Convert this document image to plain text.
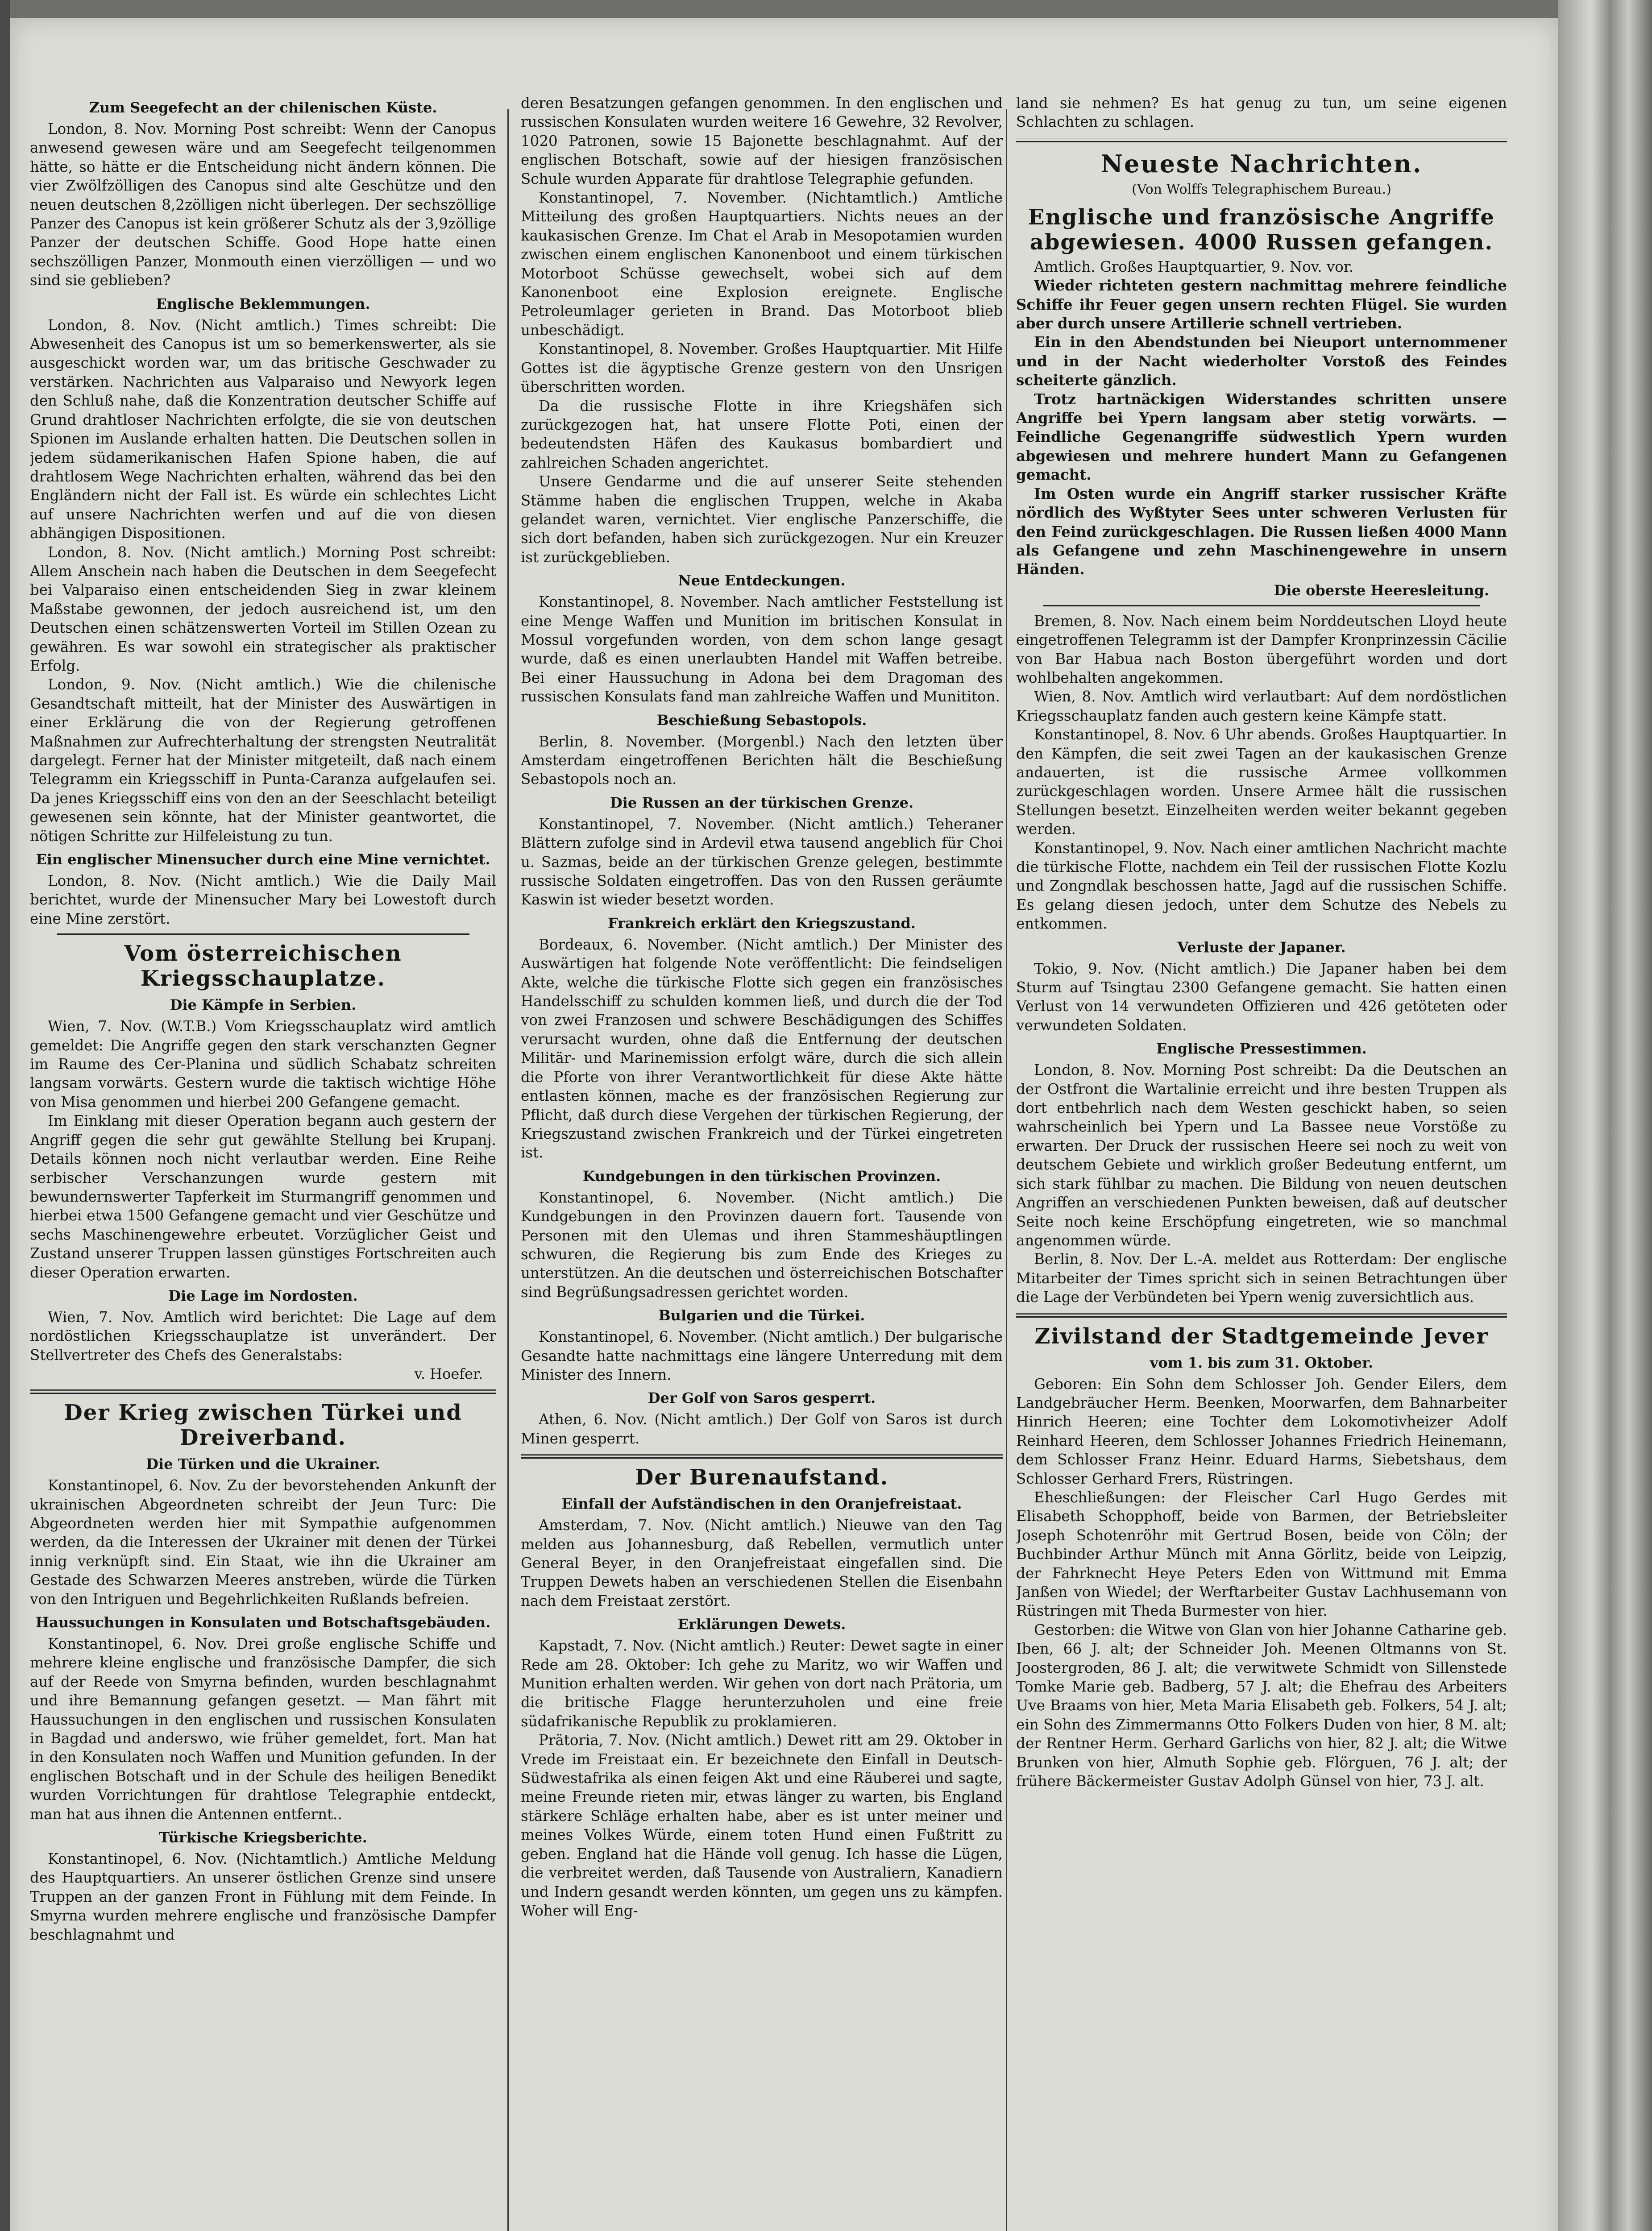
Zum Seegefecht an der chilenischen Küste.

London, 8. Nov. Morning Post schreibt: Wenn der Canopus anwesend gewesen wäre und am Seegefecht teilgenommen hätte, so hätte er die Entscheidung nicht ändern können. Die vier Zwölfzölligen des Canopus sind alte Geschütze und den neuen deutschen 8,2zölligen nicht überlegen. Der sechszöllige Panzer des Canopus ist kein größerer Schutz als der 3,9zöllige Panzer der deutschen Schiffe. Good Hope hatte einen sechszölligen Panzer, Monmouth einen vierzölligen — und wo sind sie geblieben?

Englische Beklemmungen.

London, 8. Nov. (Nicht amtlich.) Times schreibt: Die Abwesenheit des Canopus ist um so bemerkenswerter, als sie ausgeschickt worden war, um das britische Geschwader zu verstärken. Nachrichten aus Valparaiso und Newyork legen den Schluß nahe, daß die Konzentration deutscher Schiffe auf Grund drahtloser Nachrichten erfolgte, die sie von deutschen Spionen im Auslande erhalten hatten. Die Deutschen sollen in jedem südamerikanischen Hafen Spione haben, die auf drahtlosem Wege Nachrichten erhalten, während das bei den Engländern nicht der Fall ist. Es würde ein schlechtes Licht auf unsere Nachrichten werfen und auf die von diesen abhängigen Dispositionen.

London, 8. Nov. (Nicht amtlich.) Morning Post schreibt: Allem Anschein nach haben die Deutschen in dem Seegefecht bei Valparaiso einen entscheidenden Sieg in zwar kleinem Maßstabe gewonnen, der jedoch ausreichend ist, um den Deutschen einen schätzenswerten Vorteil im Stillen Ozean zu gewähren. Es war sowohl ein strategischer als praktischer Erfolg.

London, 9. Nov. (Nicht amtlich.) Wie die chilenische Gesandtschaft mitteilt, hat der Minister des Auswärtigen in einer Erklärung die von der Regierung getroffenen Maßnahmen zur Aufrechterhaltung der strengsten Neutralität dargelegt. Ferner hat der Minister mitgeteilt, daß nach einem Telegramm ein Kriegsschiff in Punta-Caranza aufgelaufen sei. Da jenes Kriegsschiff eins von den an der Seeschlacht beteiligt gewesenen sein könnte, hat der Minister geantwortet, die nötigen Schritte zur Hilfeleistung zu tun.

Ein englischer Minensucher durch eine Mine vernichtet.

London, 8. Nov. (Nicht amtlich.) Wie die Daily Mail berichtet, wurde der Minensucher Mary bei Lowestoft durch eine Mine zerstört.

Vom österreichischen Kriegsschauplatze.
Die Kämpfe in Serbien.

Wien, 7. Nov. (W.T.B.) Vom Kriegsschauplatz wird amtlich gemeldet: Die Angriffe gegen den stark verschanzten Gegner im Raume des Cer-Planina und südlich Schabatz schreiten langsam vorwärts. Gestern wurde die taktisch wichtige Höhe von Misa genommen und hierbei 200 Gefangene gemacht.

Im Einklang mit dieser Operation begann auch gestern der Angriff gegen die sehr gut gewählte Stellung bei Krupanj. Details können noch nicht verlautbar werden. Eine Reihe serbischer Verschanzungen wurde gestern mit bewundernswerter Tapferkeit im Sturmangriff genommen und hierbei etwa 1500 Gefangene gemacht und vier Geschütze und sechs Maschinengewehre erbeutet. Vorzüglicher Geist und Zustand unserer Truppen lassen günstiges Fortschreiten auch dieser Operation erwarten.

Die Lage im Nordosten.

Wien, 7. Nov. Amtlich wird berichtet: Die Lage auf dem nordöstlichen Kriegsschauplatze ist unverändert. Der Stellvertreter des Chefs des Generalstabs:

v. Hoefer.
Der Krieg zwischen Türkei und Dreiverband.
Die Türken und die Ukrainer.

Konstantinopel, 6. Nov. Zu der bevorstehenden Ankunft der ukrainischen Abgeordneten schreibt der Jeun Turc: Die Abgeordneten werden hier mit Sympathie aufgenommen werden, da die Interessen der Ukrainer mit denen der Türkei innig verknüpft sind. Ein Staat, wie ihn die Ukrainer am Gestade des Schwarzen Meeres anstreben, würde die Türken von den Intriguen und Begehrlichkeiten Rußlands befreien.

Haussuchungen in Konsulaten und Botschaftsgebäuden.

Konstantinopel, 6. Nov. Drei große englische Schiffe und mehrere kleine englische und französische Dampfer, die sich auf der Reede von Smyrna befinden, wurden beschlagnahmt und ihre Bemannung gefangen gesetzt. — Man fährt mit Haussuchungen in den englischen und russischen Konsulaten in Bagdad und anderswo, wie früher gemeldet, fort. Man hat in den Konsulaten noch Waffen und Munition gefunden. In der englischen Botschaft und in der Schule des heiligen Benedikt wurden Vorrichtungen für drahtlose Telegraphie entdeckt, man hat aus ihnen die Antennen entfernt..

Türkische Kriegsberichte.

Konstantinopel, 6. Nov. (Nichtamtlich.) Amtliche Meldung des Hauptquartiers. An unserer östlichen Grenze sind unsere Truppen an der ganzen Front in Fühlung mit dem Feinde. In Smyrna wurden mehrere englische und französische Dampfer beschlagnahmt und

deren Besatzungen gefangen genommen. In den englischen und russischen Konsulaten wurden weitere 16 Gewehre, 32 Revolver, 1020 Patronen, sowie 15 Bajonette beschlagnahmt. Auf der englischen Botschaft, sowie auf der hiesigen französischen Schule wurden Apparate für drahtlose Telegraphie gefunden.

Konstantinopel, 7. November. (Nichtamtlich.) Amtliche Mitteilung des großen Hauptquartiers. Nichts neues an der kaukasischen Grenze. Im Chat el Arab in Mesopotamien wurden zwischen einem englischen Kanonenboot und einem türkischen Motorboot Schüsse gewechselt, wobei sich auf dem Kanonenboot eine Explosion ereignete. Englische Petroleumlager gerieten in Brand. Das Motorboot blieb unbeschädigt.

Konstantinopel, 8. November. Großes Hauptquartier. Mit Hilfe Gottes ist die ägyptische Grenze gestern von den Unsrigen überschritten worden.

Da die russische Flotte in ihre Kriegshäfen sich zurückgezogen hat, hat unsere Flotte Poti, einen der bedeutendsten Häfen des Kaukasus bombardiert und zahlreichen Schaden angerichtet.

Unsere Gendarme und die auf unserer Seite stehenden Stämme haben die englischen Truppen, welche in Akaba gelandet waren, vernichtet. Vier englische Panzerschiffe, die sich dort befanden, haben sich zurückgezogen. Nur ein Kreuzer ist zurückgeblieben.

Neue Entdeckungen.

Konstantinopel, 8. November. Nach amtlicher Feststellung ist eine Menge Waffen und Munition im britischen Konsulat in Mossul vorgefunden worden, von dem schon lange gesagt wurde, daß es einen unerlaubten Handel mit Waffen betreibe. Bei einer Haussuchung in Adona bei dem Dragoman des russischen Konsulats fand man zahlreiche Waffen und Munititon.

Beschießung Sebastopols.

Berlin, 8. November. (Morgenbl.) Nach den letzten über Amsterdam eingetroffenen Berichten hält die Beschießung Sebastopols noch an.

Die Russen an der türkischen Grenze.

Konstantinopel, 7. November. (Nicht amtlich.) Teheraner Blättern zufolge sind in Ardevil etwa tausend angeblich für Choi u. Sazmas, beide an der türkischen Grenze gelegen, bestimmte russische Soldaten eingetroffen. Das von den Russen geräumte Kaswin ist wieder besetzt worden.

Frankreich erklärt den Kriegszustand.

Bordeaux, 6. November. (Nicht amtlich.) Der Minister des Auswärtigen hat folgende Note veröffentlicht: Die feindseligen Akte, welche die türkische Flotte sich gegen ein französisches Handelsschiff zu schulden kommen ließ, und durch die der Tod von zwei Franzosen und schwere Beschädigungen des Schiffes verursacht wurden, ohne daß die Entfernung der deutschen Militär- und Marinemission erfolgt wäre, durch die sich allein die Pforte von ihrer Verantwortlichkeit für diese Akte hätte entlasten können, mache es der französischen Regierung zur Pflicht, daß durch diese Vergehen der türkischen Regierung, der Kriegszustand zwischen Frankreich und der Türkei eingetreten ist.

Kundgebungen in den türkischen Provinzen.

Konstantinopel, 6. November. (Nicht amtlich.) Die Kundgebungen in den Provinzen dauern fort. Tausende von Personen mit den Ulemas und ihren Stammeshäuptlingen schwuren, die Regierung bis zum Ende des Krieges zu unterstützen. An die deutschen und österreichischen Botschafter sind Begrüßungsadressen gerichtet worden.

Bulgarien und die Türkei.

Konstantinopel, 6. November. (Nicht amtlich.) Der bulgarische Gesandte hatte nachmittags eine längere Unterredung mit dem Minister des Innern.

Der Golf von Saros gesperrt.

Athen, 6. Nov. (Nicht amtlich.) Der Golf von Saros ist durch Minen gesperrt.

Der Burenaufstand.
Einfall der Aufständischen in den Oranjefreistaat.

Amsterdam, 7. Nov. (Nicht amtlich.) Nieuwe van den Tag melden aus Johannesburg, daß Rebellen, vermutlich unter General Beyer, in den Oranjefreistaat eingefallen sind. Die Truppen Dewets haben an verschiedenen Stellen die Eisenbahn nach dem Freistaat zerstört.

Erklärungen Dewets.

Kapstadt, 7. Nov. (Nicht amtlich.) Reuter: Dewet sagte in einer Rede am 28. Oktober: Ich gehe zu Maritz, wo wir Waffen und Munition erhalten werden. Wir gehen von dort nach Prätoria, um die britische Flagge herunterzuholen und eine freie südafrikanische Republik zu proklamieren.

Prätoria, 7. Nov. (Nicht amtlich.) Dewet ritt am 29. Oktober in Vrede im Freistaat ein. Er bezeichnete den Einfall in Deutsch-Südwestafrika als einen feigen Akt und eine Räuberei und sagte, meine Freunde rieten mir, etwas länger zu warten, bis England stärkere Schläge erhalten habe, aber es ist unter meiner und meines Volkes Würde, einem toten Hund einen Fußtritt zu geben. England hat die Hände voll genug. Ich hasse die Lügen, die verbreitet werden, daß Tausende von Australiern, Kanadiern und Indern gesandt werden könnten, um gegen uns zu kämpfen. Woher will Eng-

land sie nehmen? Es hat genug zu tun, um seine eigenen Schlachten zu schlagen.

Neueste Nachrichten.
(Von Wolffs Telegraphischem Bureau.)
Englische und französische Angriffe abgewiesen. 4000 Russen gefangen.

Amtlich. Großes Hauptquartier, 9. Nov. vor.

Wieder richteten gestern nachmittag mehrere feindliche Schiffe ihr Feuer gegen unsern rechten Flügel. Sie wurden aber durch unsere Artillerie schnell vertrieben.

Ein in den Abendstunden bei Nieuport unternommener und in der Nacht wiederholter Vorstoß des Feindes scheiterte gänzlich.

Trotz hartnäckigen Widerstandes schritten unsere Angriffe bei Ypern langsam aber stetig vorwärts. — Feindliche Gegenangriffe südwestlich Ypern wurden abgewiesen und mehrere hundert Mann zu Gefangenen gemacht.

Im Osten wurde ein Angriff starker russischer Kräfte nördlich des Wyßtyter Sees unter schweren Verlusten für den Feind zurückgeschlagen. Die Russen ließen 4000 Mann als Gefangene und zehn Maschinengewehre in unsern Händen.

Die oberste Heeresleitung.

Bremen, 8. Nov. Nach einem beim Norddeutschen Lloyd heute eingetroffenen Telegramm ist der Dampfer Kronprinzessin Cäcilie von Bar Habua nach Boston übergeführt worden und dort wohlbehalten angekommen.

Wien, 8. Nov. Amtlich wird verlautbart: Auf dem nordöstlichen Kriegsschauplatz fanden auch gestern keine Kämpfe statt.

Konstantinopel, 8. Nov. 6 Uhr abends. Großes Hauptquartier. In den Kämpfen, die seit zwei Tagen an der kaukasischen Grenze andauerten, ist die russische Armee vollkommen zurückgeschlagen worden. Unsere Armee hält die russischen Stellungen besetzt. Einzelheiten werden weiter bekannt gegeben werden.

Konstantinopel, 9. Nov. Nach einer amtlichen Nachricht machte die türkische Flotte, nachdem ein Teil der russischen Flotte Kozlu und Zongndlak beschossen hatte, Jagd auf die russischen Schiffe. Es gelang diesen jedoch, unter dem Schutze des Nebels zu entkommen.

Verluste der Japaner.

Tokio, 9. Nov. (Nicht amtlich.) Die Japaner haben bei dem Sturm auf Tsingtau 2300 Gefangene gemacht. Sie hatten einen Verlust von 14 verwundeten Offizieren und 426 getöteten oder verwundeten Soldaten.

Englische Pressestimmen.

London, 8. Nov. Morning Post schreibt: Da die Deutschen an der Ostfront die Wartalinie erreicht und ihre besten Truppen als dort entbehrlich nach dem Westen geschickt haben, so seien wahrscheinlich bei Ypern und La Bassee neue Vorstöße zu erwarten. Der Druck der russischen Heere sei noch zu weit von deutschem Gebiete und wirklich großer Bedeutung entfernt, um sich stark fühlbar zu machen. Die Bildung von neuen deutschen Angriffen an verschiedenen Punkten beweisen, daß auf deutscher Seite noch keine Erschöpfung eingetreten, wie so manchmal angenommen würde.

Berlin, 8. Nov. Der L.-A. meldet aus Rotterdam: Der englische Mitarbeiter der Times spricht sich in seinen Betrachtungen über die Lage der Verbündeten bei Ypern wenig zuversichtlich aus.

Zivilstand der Stadtgemeinde Jever
vom 1. bis zum 31. Oktober.

Geboren: Ein Sohn dem Schlosser Joh. Gender Eilers, dem Landgebräucher Herm. Beenken, Moorwarfen, dem Bahnarbeiter Hinrich Heeren; eine Tochter dem Lokomotivheizer Adolf Reinhard Heeren, dem Schlosser Johannes Friedrich Heinemann, dem Schlosser Franz Heinr. Eduard Harms, Siebetshaus, dem Schlosser Gerhard Frers, Rüstringen.

Eheschließungen: der Fleischer Carl Hugo Gerdes mit Elisabeth Schopphoff, beide von Barmen, der Betriebsleiter Joseph Schotenröhr mit Gertrud Bosen, beide von Cöln; der Buchbinder Arthur Münch mit Anna Görlitz, beide von Leipzig, der Fahrknecht Heye Peters Eden von Wittmund mit Emma Janßen von Wiedel; der Werftarbeiter Gustav Lachhusemann von Rüstringen mit Theda Burmester von hier.

Gestorben: die Witwe von Glan von hier Johanne Catharine geb. Iben, 66 J. alt; der Schneider Joh. Meenen Oltmanns von St. Joostergroden, 86 J. alt; die verwitwete Schmidt von Sillenstede Tomke Marie geb. Badberg, 57 J. alt; die Ehefrau des Arbeiters Uve Braams von hier, Meta Maria Elisabeth geb. Folkers, 54 J. alt; ein Sohn des Zimmermanns Otto Folkers Duden von hier, 8 M. alt; der Rentner Herm. Gerhard Garlichs von hier, 82 J. alt; die Witwe Brunken von hier, Almuth Sophie geb. Flörguen, 76 J. alt; der frühere Bäckermeister Gustav Adolph Günsel von hier, 73 J. alt.
